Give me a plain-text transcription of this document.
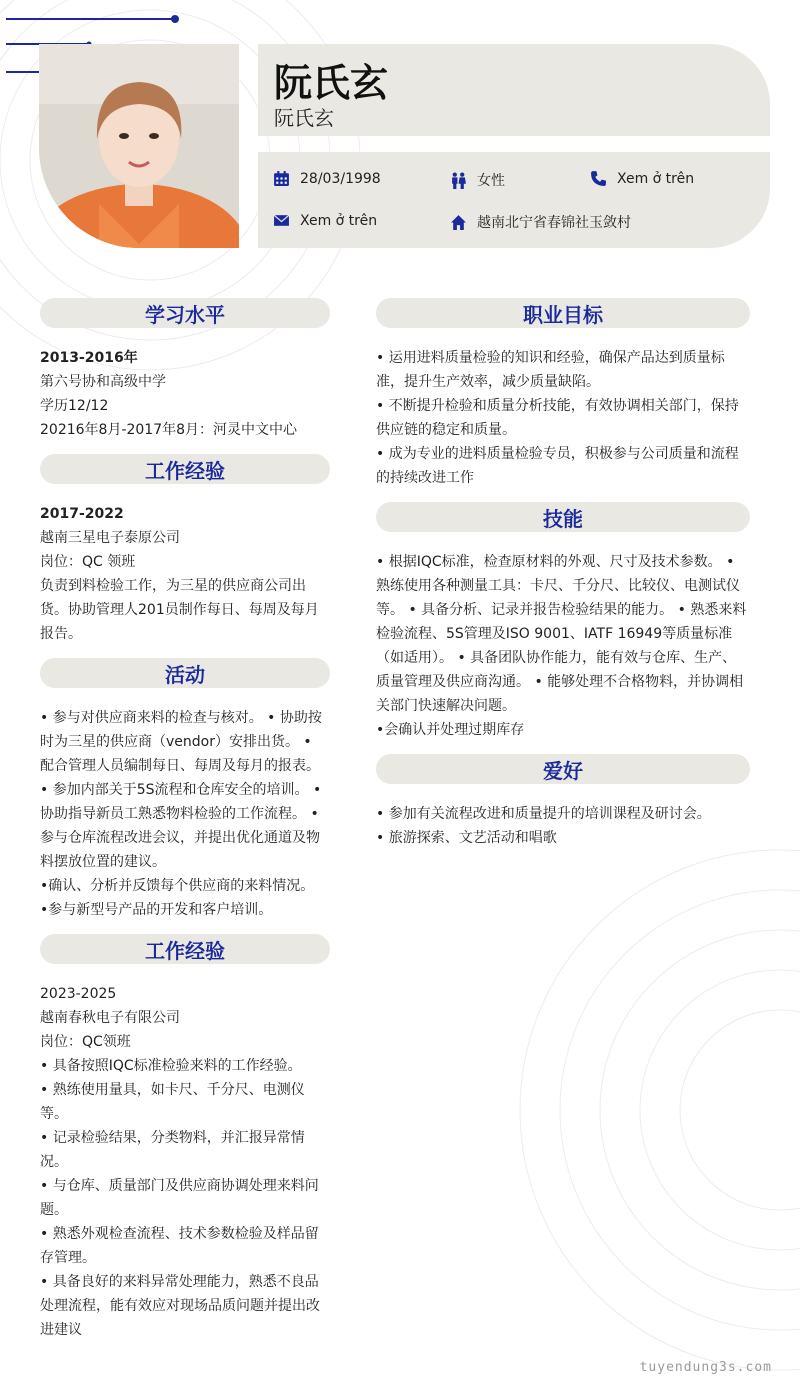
阮氏玄
阮氏玄
28/03/1998	女性	Xem ở trên
Xem ở trên	越南北宁省春锦社玉敛村
学习水平

2013-2016年

第六号协和高级中学

学历12/12

20216年8月-2017年8月：河灵中文中心

工作经验

2017-2022

越南三星电子泰原公司

岗位：QC 领班

负责到料检验工作，为三星的供应商公司出货。协助管理人201员制作每日、每周及每月报告。

活动

• 参与对供应商来料的检查与核对。 • 协助按时为三星的供应商（vendor）安排出货。 • 配合管理人员编制每日、每周及每月的报表。 • 参加内部关于5S流程和仓库安全的培训。 • 协助指导新员工熟悉物料检验的工作流程。 • 参与仓库流程改进会议，并提出优化通道及物料摆放位置的建议。

•确认、分析并反馈每个供应商的来料情况。

•参与新型号产品的开发和客户培训。

工作经验

2023-2025

越南春秋电子有限公司

岗位：QC领班

• 具备按照IQC标准检验来料的工作经验。

• 熟练使用量具，如卡尺、千分尺、电测仪等。

• 记录检验结果，分类物料，并汇报异常情况。

• 与仓库、质量部门及供应商协调处理来料问题。

• 熟悉外观检查流程、技术参数检验及样品留存管理。

• 具备良好的来料异常处理能力，熟悉不良品处理流程，能有效应对现场品质问题并提出改进建议

职业目标

• 运用进料质量检验的知识和经验，确保产品达到质量标准，提升生产效率，减少质量缺陷。

• 不断提升检验和质量分析技能，有效协调相关部门，保持供应链的稳定和质量。

• 成为专业的进料质量检验专员，积极参与公司质量和流程的持续改进工作

技能

• 根据IQC标准，检查原材料的外观、尺寸及技术参数。 • 熟练使用各种测量工具：卡尺、千分尺、比较仪、电测试仪等。 • 具备分析、记录并报告检验结果的能力。 • 熟悉来料检验流程、5S管理及ISO 9001、IATF 16949等质量标准（如适用）。 • 具备团队协作能力，能有效与仓库、生产、质量管理及供应商沟通。 • 能够处理不合格物料，并协调相关部门快速解决问题。

•会确认并处理过期库存

爱好

• 参加有关流程改进和质量提升的培训课程及研讨会。

• 旅游探索、文艺活动和唱歌

tuyendung3s.com
